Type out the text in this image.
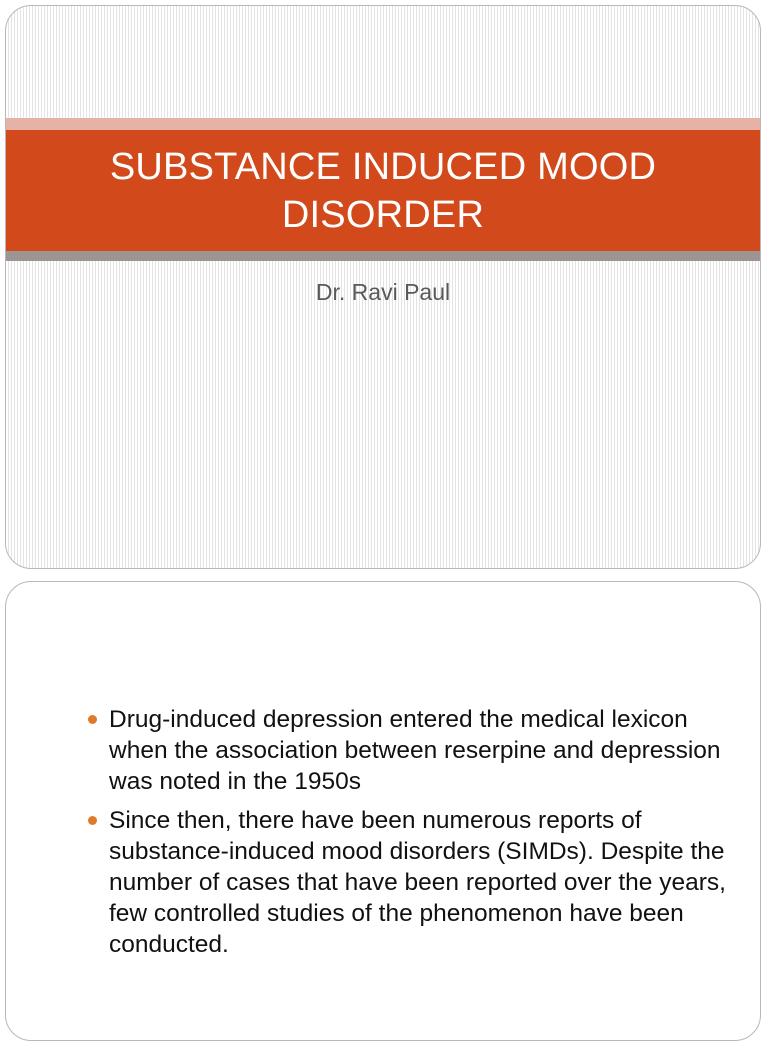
SUBSTANCE INDUCED MOOD DISORDER
Dr. Ravi Paul
Drug-induced depression entered the medical lexicon when the association between reserpine and depression was noted in the 1950s
Since then, there have been numerous reports of substance-induced mood disorders (SIMDs). Despite the number of cases that have been reported over the years, few controlled studies of the phenomenon have been conducted.
